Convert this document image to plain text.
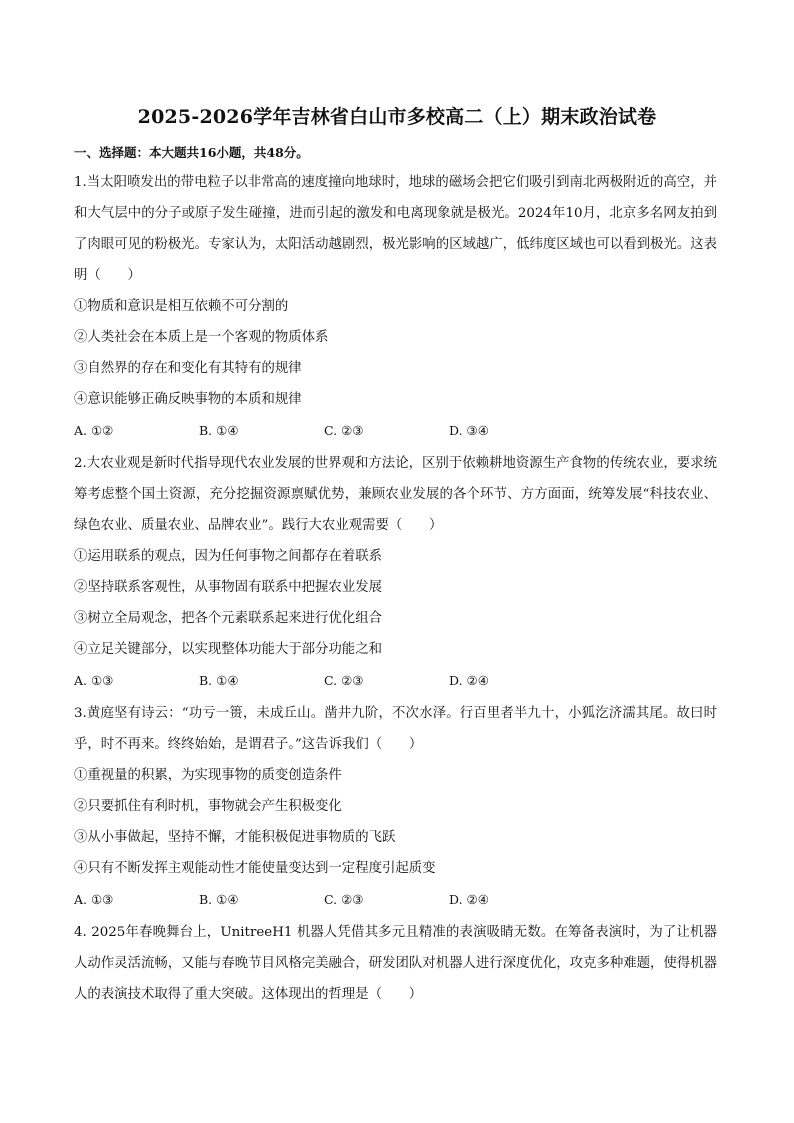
2025-2026学年吉林省白山市多校高二（上）期末政治试卷
一、选择题：本大题共16小题，共48分。
1.当太阳喷发出的带电粒子以非常高的速度撞向地球时，地球的磁场会把它们吸引到南北两极附近的高空，并和大气层中的分子或原子发生碰撞，进而引起的激发和电离现象就是极光。2024年10月，北京多名网友拍到了肉眼可见的粉极光。专家认为，太阳活动越剧烈，极光影响的区域越广，低纬度区域也可以看到极光。这表明（　　）
①物质和意识是相互依赖不可分割的
②人类社会在本质上是一个客观的物质体系
③自然界的存在和变化有其特有的规律
④意识能够正确反映事物的本质和规律
A. ①②	B. ①④	C. ②③	D. ③④
2.大农业观是新时代指导现代农业发展的世界观和方法论，区别于依赖耕地资源生产食物的传统农业，要求统筹考虑整个国土资源，充分挖掘资源禀赋优势，兼顾农业发展的各个环节、方方面面，统筹发展“科技农业、绿色农业、质量农业、品牌农业”。践行大农业观需要（　　）
①运用联系的观点，因为任何事物之间都存在着联系
②坚持联系客观性，从事物固有联系中把握农业发展
③树立全局观念，把各个元素联系起来进行优化组合
④立足关键部分，以实现整体功能大于部分功能之和
A. ①③	B. ①④	C. ②③	D. ②④
3.黄庭坚有诗云：“功亏一篑，未成丘山。凿井九阶，不次水泽。行百里者半九十，小狐汔济濡其尾。故曰时乎，时不再来。终终始始，是谓君子。”这告诉我们（　　）
①重视量的积累，为实现事物的质变创造条件
②只要抓住有利时机，事物就会产生积极变化
③从小事做起，坚持不懈，才能积极促进事物质的飞跃
④只有不断发挥主观能动性才能使量变达到一定程度引起质变
A. ①③	B. ①④	C. ②③	D. ②④
4. 2025年春晚舞台上，UnitreeH1 机器人凭借其多元且精准的表演吸睛无数。在筹备表演时，为了让机器人动作灵活流畅，又能与春晚节目风格完美融合，研发团队对机器人进行深度优化，攻克多种难题，使得机器人的表演技术取得了重大突破。这体现出的哲理是（　　）
